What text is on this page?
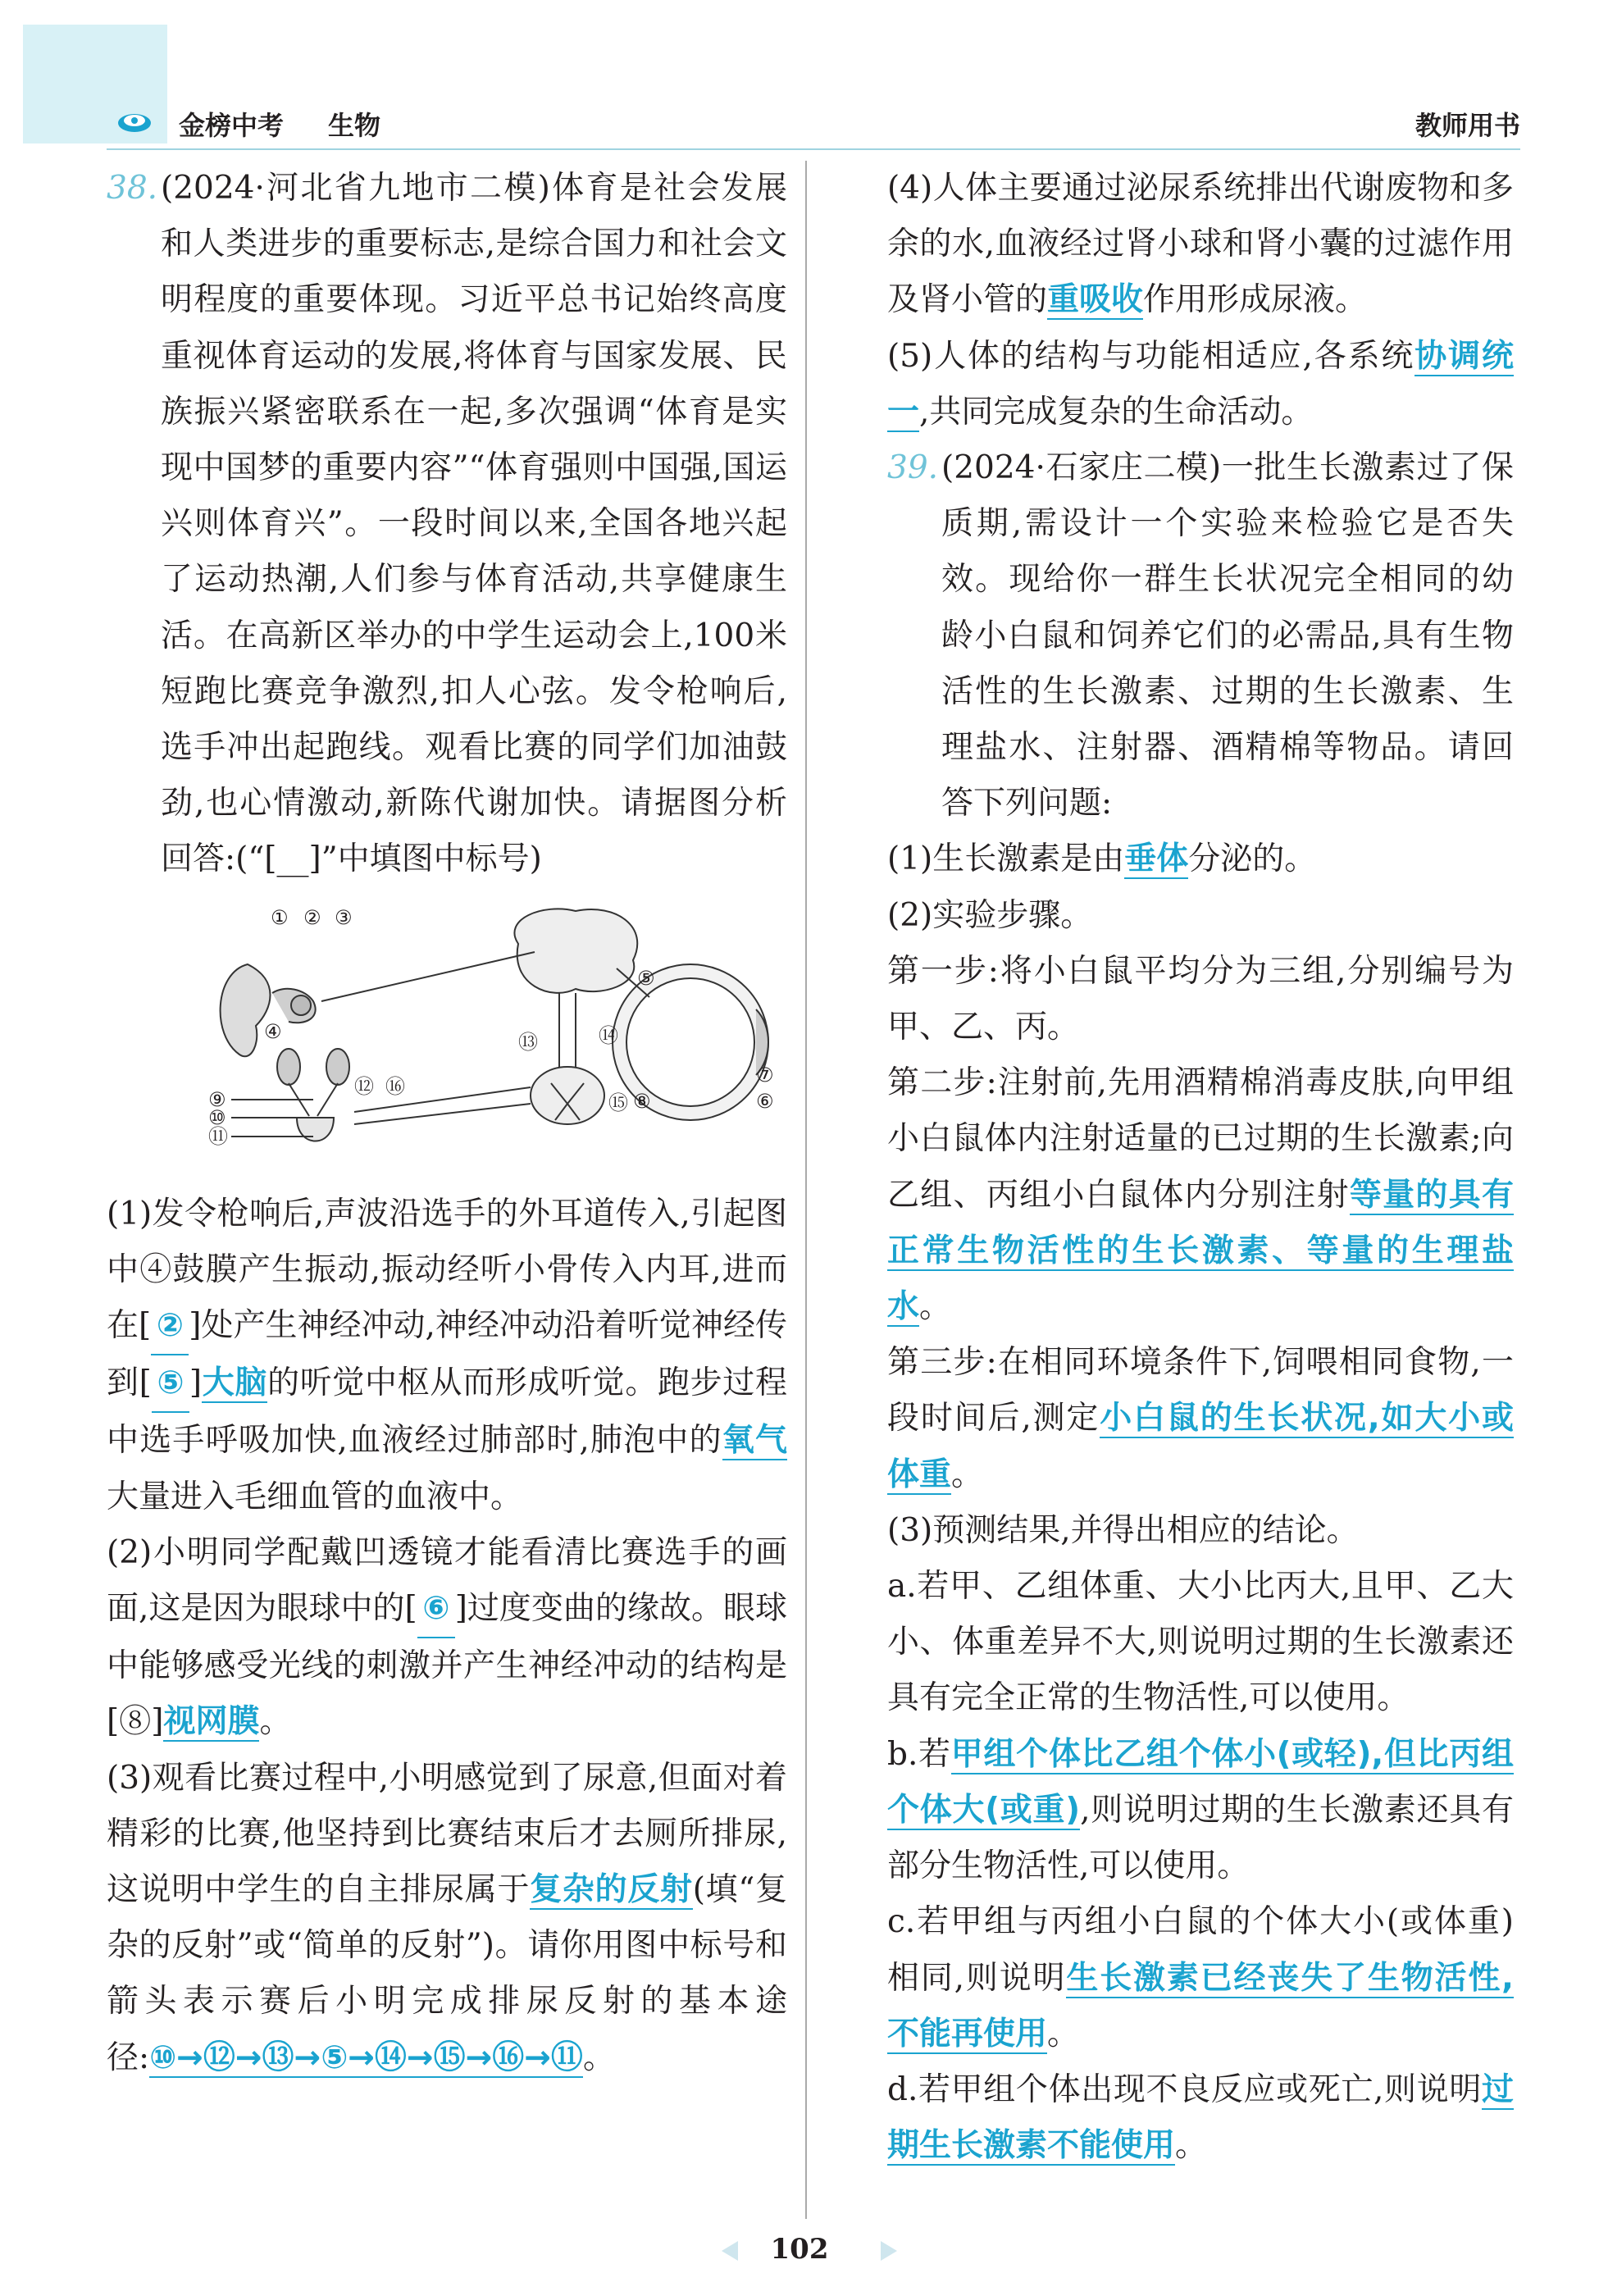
金榜中考 生物	教师用书

38. (2024·河北省九地市二模)体育是社会发展和人类进步的重要标志,是综合国力和社会文明程度的重要体现。习近平总书记始终高度重视体育运动的发展,将体育与国家发展、民族振兴紧密联系在一起,多次强调“体育是实现中国梦的重要内容”“体育强则中国强,国运兴则体育兴”。一段时间以来,全国各地兴起了运动热潮,人们参与体育活动,共享健康生活。在高新区举办的中学生运动会上,100米短跑比赛竞争激烈,扣人心弦。发令枪响后,选手冲出起跑线。观看比赛的同学们加油鼓劲,也心情激动,新陈代谢加快。请据图分析回答:(“[__]”中填图中标号)

① ② ③
④
⑤
⑥
⑦
⑧
⑨
⑩
⑪
⑫
⑬	⑭
⑮
⑯

(1)发令枪响后,声波沿选手的外耳道传入,引起图中④鼓膜产生振动,振动经听小骨传入内耳,进而在[ ② ]处产生神经冲动,神经冲动沿着听觉神经传到[ ⑤ ]大脑的听觉中枢从而形成听觉。跑步过程中选手呼吸加快,血液经过肺部时,肺泡中的氧气大量进入毛细血管的血液中。

(2)小明同学配戴凹透镜才能看清比赛选手的画面,这是因为眼球中的[ ⑥ ]过度变曲的缘故。眼球中能够感受光线的刺激并产生神经冲动的结构是[⑧]视网膜。

(3)观看比赛过程中,小明感觉到了尿意,但面对着精彩的比赛,他坚持到比赛结束后才去厕所排尿,这说明中学生的自主排尿属于复杂的反射(填“复杂的反射”或“简单的反射”)。请你用图中标号和箭头表示赛后小明完成排尿反射的基本途径:⑩→⑫→⑬→⑤→⑭→⑮→⑯→⑪。

(4)人体主要通过泌尿系统排出代谢废物和多余的水,血液经过肾小球和肾小囊的过滤作用及肾小管的重吸收作用形成尿液。

(5)人体的结构与功能相适应,各系统协调统一,共同完成复杂的生命活动。

39. (2024·石家庄二模)一批生长激素过了保质期,需设计一个实验来检验它是否失效。现给你一群生长状况完全相同的幼龄小白鼠和饲养它们的必需品,具有生物活性的生长激素、过期的生长激素、生理盐水、注射器、酒精棉等物品。请回答下列问题:

(1)生长激素是由垂体分泌的。

(2)实验步骤。

第一步:将小白鼠平均分为三组,分别编号为甲、乙、丙。

第二步:注射前,先用酒精棉消毒皮肤,向甲组小白鼠体内注射适量的已过期的生长激素;向乙组、丙组小白鼠体内分别注射等量的具有正常生物活性的生长激素、等量的生理盐水。

第三步:在相同环境条件下,饲喂相同食物,一段时间后,测定小白鼠的生长状况,如大小或体重。

(3)预测结果,并得出相应的结论。

a.若甲、乙组体重、大小比丙大,且甲、乙大小、体重差异不大,则说明过期的生长激素还具有完全正常的生物活性,可以使用。

b.若甲组个体比乙组个体小(或轻),但比丙组个体大(或重),则说明过期的生长激素还具有部分生物活性,可以使用。

c.若甲组与丙组小白鼠的个体大小(或体重)相同,则说明生长激素已经丧失了生物活性,不能再使用。

d.若甲组个体出现不良反应或死亡,则说明过期生长激素不能使用。

102
